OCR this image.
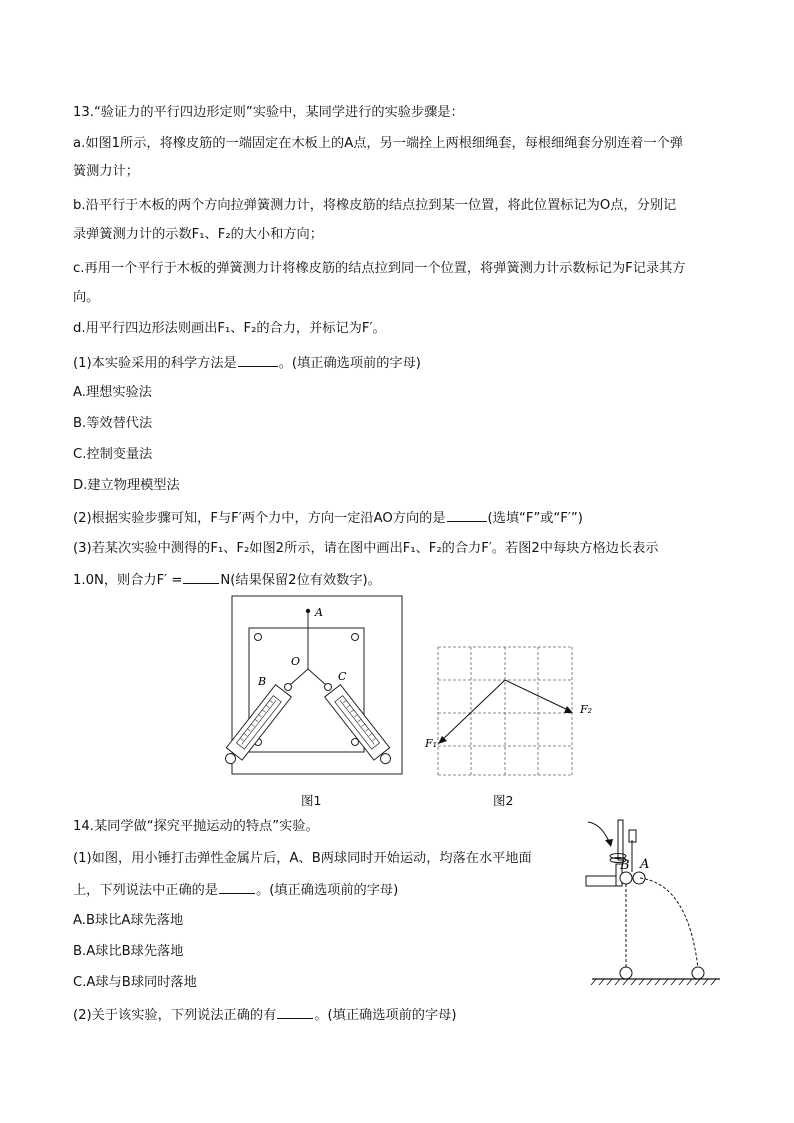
13.“验证力的平行四边形定则”实验中，某同学进行的实验步骤是：
a.如图1所示，将橡皮筋的一端固定在木板上的A点，另一端拴上两根细绳套，每根细绳套分别连着一个弹
簧测力计；
b.沿平行于木板的两个方向拉弹簧测力计，将橡皮筋的结点拉到某一位置，将此位置标记为O点，分别记
录弹簧测力计的示数F₁、F₂的大小和方向；
c.再用一个平行于木板的弹簧测力计将橡皮筋的结点拉到同一个位置，将弹簧测力计示数标记为F记录其方
向。
d.用平行四边形法则画出F₁、F₂的合力，并标记为F′。
(1)本实验采用的科学方法是	。(填正确选项前的字母)
A.理想实验法
B.等效替代法
C.控制变量法
D.建立物理模型法
(2)根据实验步骤可知，F与F′两个力中，方向一定沿AO方向的是	(选填“F”或“F′”)
(3)若某次实验中测得的F₁、F₂如图2所示，请在图中画出F₁、F₂的合力F′。若图2中每块方格边长表示
1.0N，则合力F′ =	N(结果保留2位有效数字)。
A
O
B	C
图1
F₁
F₂
图2
14.某同学做“探究平抛运动的特点”实验。
(1)如图，用小锤打击弹性金属片后，A、B两球同时开始运动，均落在水平地面
上，下列说法中正确的是	。(填正确选项前的字母)
A.B球比A球先落地
B.A球比B球先落地
C.A球与B球同时落地
(2)关于该实验，下列说法正确的有	。(填正确选项前的字母)
B A
